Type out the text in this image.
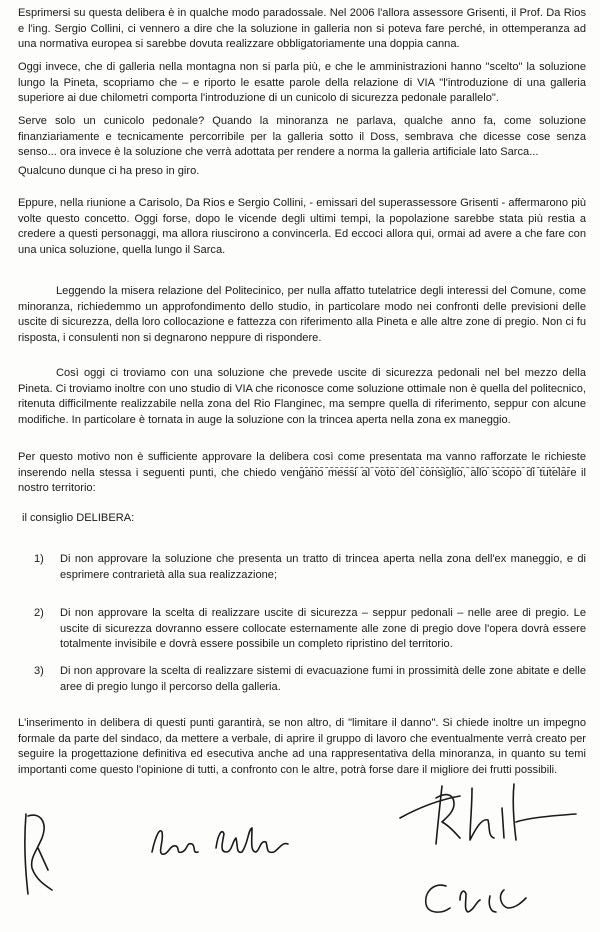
Esprimersi su questa delibera è in qualche modo paradossale. Nel 2006 l'allora assessore Grisenti, il Prof. Da Rios e l'ing. Sergio Collini, ci vennero a dire che la soluzione in galleria non si poteva fare perché, in ottemperanza ad una normativa europea si sarebbe dovuta realizzare obbligatoriamente una doppia canna.

Oggi invece, che di galleria nella montagna non si parla più, e che le amministrazioni hanno "scelto" la soluzione lungo la Pineta, scopriamo che – e riporto le esatte parole della relazione di VIA "l'introduzione di una galleria superiore ai due chilometri comporta l'introduzione di un cunicolo di sicurezza pedonale parallelo".

Serve solo un cunicolo pedonale? Quando la minoranza ne parlava, qualche anno fa, come soluzione finanziariamente e tecnicamente percorribile per la galleria sotto il Doss, sembrava che dicesse cose senza senso... ora invece è la soluzione che verrà adottata per rendere a norma la galleria artificiale lato Sarca...

Qualcuno dunque ci ha preso in giro.

Eppure, nella riunione a Carisolo, Da Rios e Sergio Collini, - emissari del superassessore Grisenti - affermarono più volte questo concetto. Oggi forse, dopo le vicende degli ultimi tempi, la popolazione sarebbe stata più restia a credere a questi personaggi, ma allora riuscirono a convincerla. Ed eccoci allora qui, ormai ad avere a che fare con una unica soluzione, quella lungo il Sarca.

Leggendo la misera relazione del Politecinico, per nulla affatto tutelatrice degli interessi del Comune, come minoranza, richiedemmo un approfondimento dello studio, in particolare modo nei confronti delle previsioni delle uscite di sicurezza, della loro collocazione e fattezza con riferimento alla Pineta e alle altre zone di pregio. Non ci fu risposta, i consulenti non si degnarono neppure di rispondere.

Così oggi ci troviamo con una soluzione che prevede uscite di sicurezza pedonali nel bel mezzo della Pineta. Ci troviamo inoltre con uno studio di VIA che riconosce come soluzione ottimale non è quella del politecnico, ritenuta difficilmente realizzabile nella zona del Rio Flanginec, ma sempre quella di riferimento, seppur con alcune modifiche. In particolare è tornata in auge la soluzione con la trincea aperta nella zona ex maneggio.

Per questo motivo non è sufficiente approvare la delibera così come presentata ma vanno rafforzate le richieste inserendo nella stessa i seguenti punti, che chiedo vengano messi al voto del consiglio, allo scopo di tutelare il nostro territorio:

il consiglio DELIBERA:

1) Di non approvare la soluzione che presenta un tratto di trincea aperta nella zona dell'ex maneggio, e di esprimere contrarietà alla sua realizzazione;
2) Di non approvare la scelta di realizzare uscite di sicurezza – seppur pedonali – nelle aree di pregio. Le uscite di sicurezza dovranno essere collocate esternamente alle zone di pregio dove l'opera dovrà essere totalmente invisibile e dovrà essere possibile un completo ripristino del territorio.
3) Di non approvare la scelta di realizzare sistemi di evacuazione fumi in prossimità delle zone abitate e delle aree di pregio lungo il percorso della galleria.

L'inserimento in delibera di questi punti garantirà, se non altro, di "limitare il danno". Si chiede inoltre un impegno formale da parte del sindaco, da mettere a verbale, di aprire il gruppo di lavoro che eventualmente verrà creato per seguire la progettazione definitiva ed esecutiva anche ad una rappresentativa della minoranza, in quanto su temi importanti come questo l'opinione di tutti, a confronto con le altre, potrà forse dare il migliore dei frutti possibili.
